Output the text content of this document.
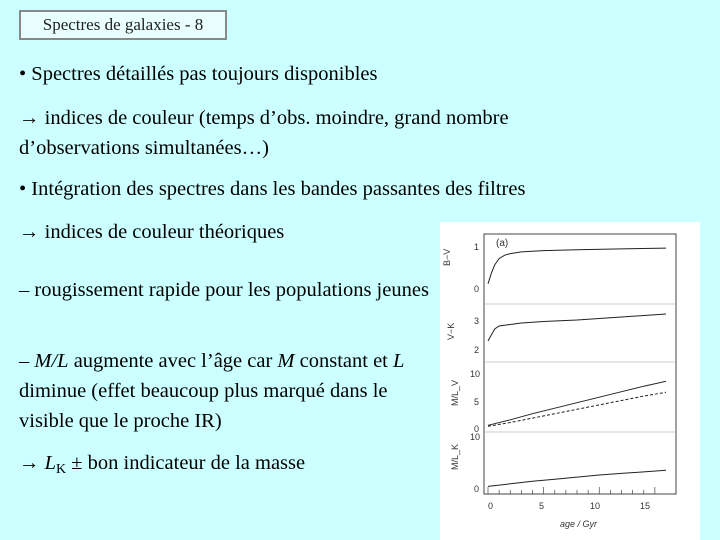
Spectres de galaxies - 8
• Spectres détaillés pas toujours disponibles
→ indices de couleur (temps d’obs. moindre, grand nombre d’observations simultanées…)
• Intégration des spectres dans les bandes passantes des filtres
→ indices de couleur théoriques
– rougissement rapide pour les populations jeunes
– M/L augmente avec l’âge car M constant et L diminue (effet beaucoup plus marqué dans le visible que le proche IR)
→ $L_K$ ± bon indicateur de la masse
(a)
B−V
1
0
V−K
3
2
M/L_V
10
5
0
M/L_K
10
0
0	5	10	15
age / Gyr
